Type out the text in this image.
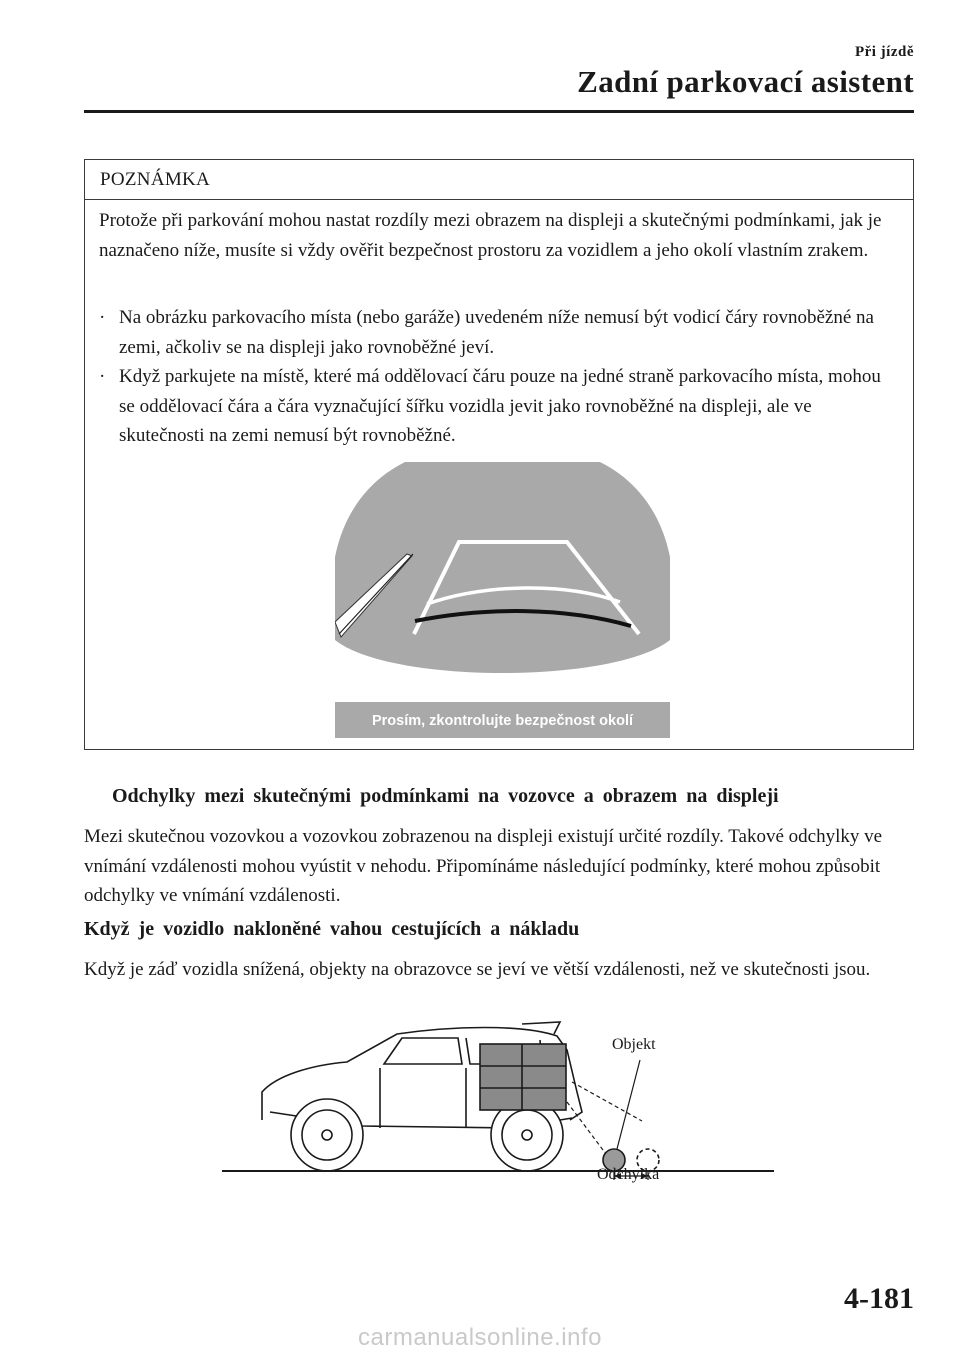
Při jízdě
Zadní parkovací asistent
POZNÁMKA
Protože při parkování mohou nastat rozdíly mezi obrazem na displeji a skutečnými podmínkami, jak je naznačeno níže, musíte si vždy ověřit bezpečnost prostoru za vozidlem a jeho okolí vlastním zrakem.
· Na obrázku parkovacího místa (nebo garáže) uvedeném níže nemusí být vodicí čáry rovnoběžné na zemi, ačkoliv se na displeji jako rovnoběžné jeví.
· Když parkujete na místě, které má oddělovací čáru pouze na jedné straně parkovacího místa, mohou se oddělovací čára a čára vyznačující šířku vozidla jevit jako rovnoběžné na displeji, ale ve skutečnosti na zemi nemusí být rovnoběžné.
Prosím, zkontrolujte bezpečnost okolí
Odchylky mezi skutečnými podmínkami na vozovce a obrazem na displeji
Mezi skutečnou vozovkou a vozovkou zobrazenou na displeji existují určité rozdíly. Takové odchylky ve vnímání vzdálenosti mohou vyústit v nehodu. Připomínáme následující podmínky, které mohou způsobit odchylky ve vnímání vzdálenosti.
Když je vozidlo nakloněné vahou cestujících a nákladu
Když je záď vozidla snížená, objekty na obrazovce se jeví ve větší vzdálenosti, než ve skutečnosti jsou.
Objekt
Odchylka
4-181
carmanualsonline.info
